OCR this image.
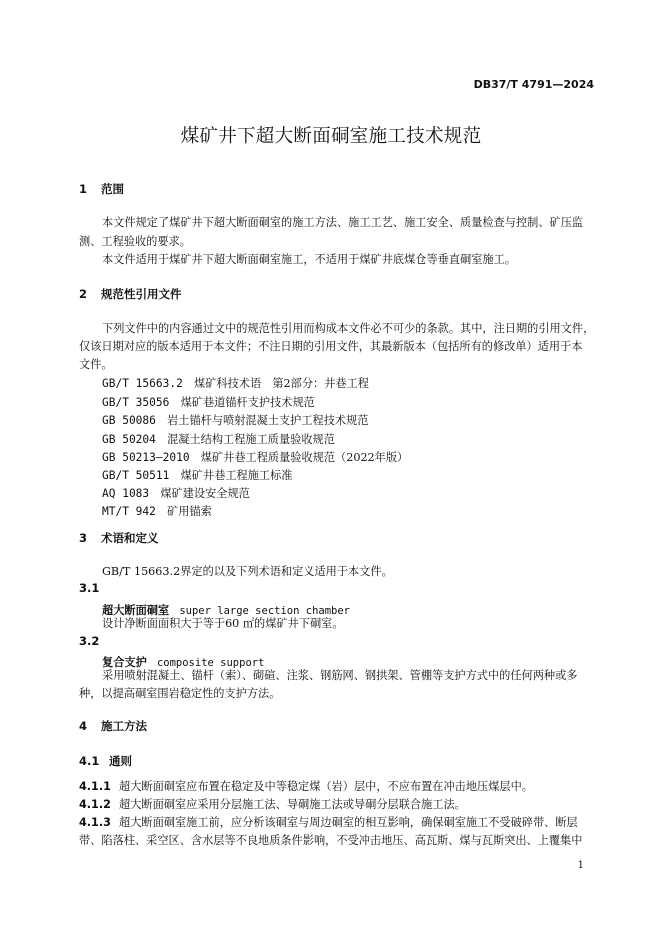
DB37/T 4791—2024
煤矿井下超大断面硐室施工技术规范
1 范围
本文件规定了煤矿井下超大断面硐室的施工方法、施工工艺、施工安全、质量检查与控制、矿压监
测、工程验收的要求。
本文件适用于煤矿井下超大断面硐室施工，不适用于煤矿井底煤仓等垂直硐室施工。
2 规范性引用文件
下列文件中的内容通过文中的规范性引用而构成本文件必不可少的条款。其中，注日期的引用文件，
仅该日期对应的版本适用于本文件；不注日期的引用文件，其最新版本（包括所有的修改单）适用于本
文件。
GB/T 15663.2　 煤矿科技术语　第2部分：井巷工程
GB/T 35056　 煤矿巷道锚杆支护技术规范
GB 50086　 岩土锚杆与喷射混凝土支护工程技术规范
GB 50204　 混凝土结构工程施工质量验收规范
GB 50213—2010　 煤矿井巷工程质量验收规范（2022年版）
GB/T 50511　 煤矿井巷工程施工标准
AQ 1083　 煤矿建设安全规范
MT/T 942　 矿用锚索
3 术语和定义
GB/T 15663.2界定的以及下列术语和定义适用于本文件。
3.1
超大断面硐室 super large section chamber
设计净断面面积大于等于60 ㎡的煤矿井下硐室。
3.2
复合支护 composite support
采用喷射混凝土、锚杆（索）、砌碹、注浆、钢筋网、钢拱架、管棚等支护方式中的任何两种或多
种，以提高硐室围岩稳定性的支护方法。
4 施工方法
4.1 通则
4.1.1 超大断面硐室应布置在稳定及中等稳定煤（岩）层中，不应布置在冲击地压煤层中。
4.1.2 超大断面硐室应采用分层施工法、导硐施工法或导硐分层联合施工法。
4.1.3 超大断面硐室施工前，应分析该硐室与周边硐室的相互影响，确保硐室施工不受破碎带、断层
带、陷落柱、采空区、含水层等不良地质条件影响，不受冲击地压、高瓦斯、煤与瓦斯突出、上覆集中
1
